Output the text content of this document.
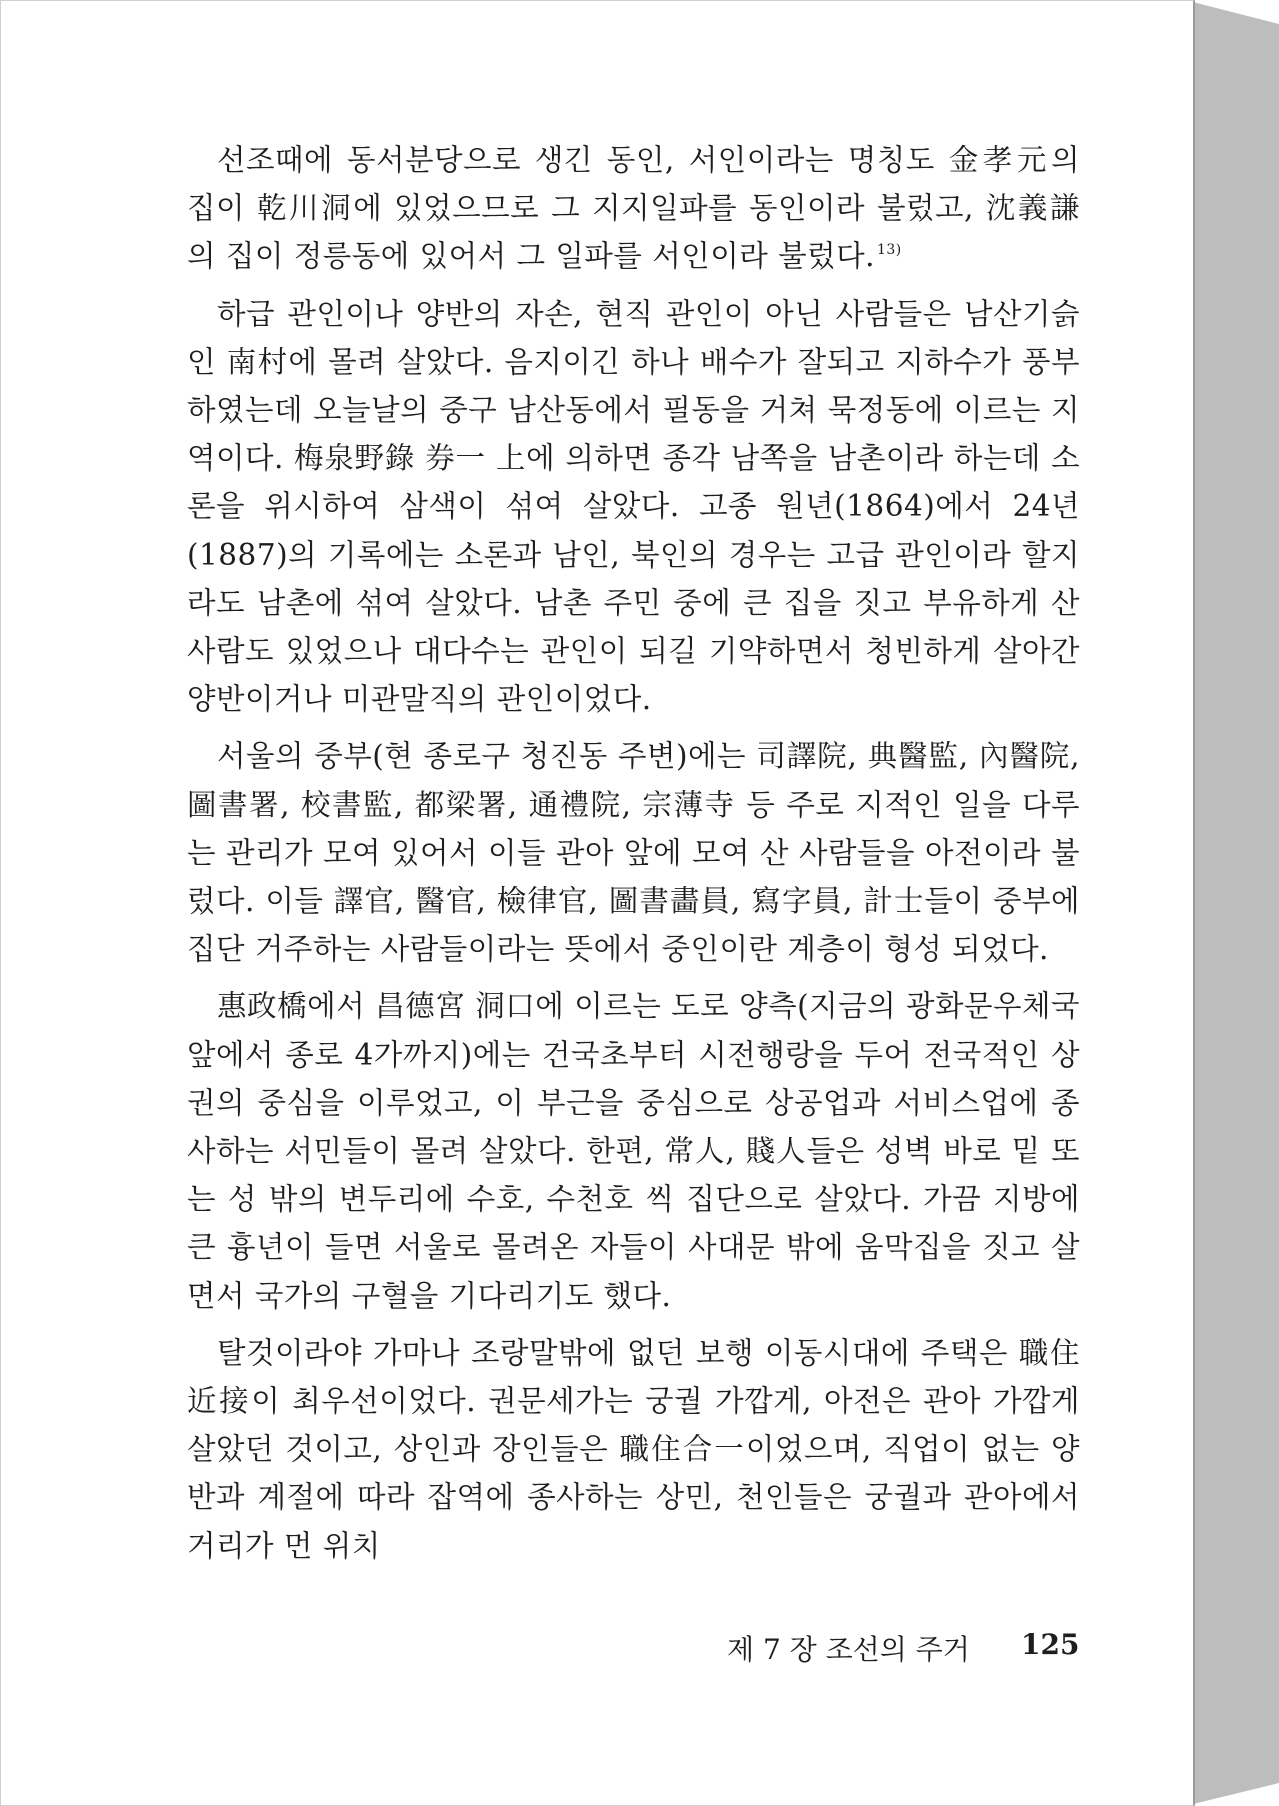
선조때에 동서분당으로 생긴 동인, 서인이라는 명칭도 金孝元의 집이 乾川洞에 있었으므로 그 지지일파를 동인이라 불렀고, 沈義謙의 집이 정릉동에 있어서 그 일파를 서인이라 불렀다. $^{13)}$

하급 관인이나 양반의 자손, 현직 관인이 아닌 사람들은 남산기슭인 南村에 몰려 살았다. 음지이긴 하나 배수가 잘되고 지하수가 풍부하였는데 오늘날의 중구 남산동에서 필동을 거쳐 묵정동에 이르는 지역이다. 梅泉野錄 券一 上에 의하면 종각 남쪽을 남촌이라 하는데 소론을 위시하여 삼색이 섞여 살았다. 고종 원년(1864)에서 24년(1887)의 기록에는 소론과 남인, 북인의 경우는 고급 관인이라 할지라도 남촌에 섞여 살았다. 남촌 주민 중에 큰 집을 짓고 부유하게 산 사람도 있었으나 대다수는 관인이 되길 기약하면서 청빈하게 살아간 양반이거나 미관말직의 관인이었다.

서울의 중부(현 종로구 청진동 주변)에는 司譯院, 典醫監, 內醫院, 圖書署, 校書監, 都梁署, 通禮院, 宗薄寺 등 주로 지적인 일을 다루는 관리가 모여 있어서 이들 관아 앞에 모여 산 사람들을 아전이라 불렀다. 이들 譯官, 醫官, 檢律官, 圖書畵員, 寫字員, 計士들이 중부에 집단 거주하는 사람들이라는 뜻에서 중인이란 계층이 형성 되었다.

惠政橋에서 昌德宮 洞口에 이르는 도로 양측(지금의 광화문우체국 앞에서 종로 4가까지)에는 건국초부터 시전행랑을 두어 전국적인 상권의 중심을 이루었고, 이 부근을 중심으로 상공업과 서비스업에 종사하는 서민들이 몰려 살았다. 한편, 常人, 賤人들은 성벽 바로 밑 또는 성 밖의 변두리에 수호, 수천호 씩 집단으로 살았다. 가끔 지방에 큰 흉년이 들면 서울로 몰려온 자들이 사대문 밖에 움막집을 짓고 살면서 국가의 구혈을 기다리기도 했다.

탈것이라야 가마나 조랑말밖에 없던 보행 이동시대에 주택은 職住近接이 최우선이었다. 권문세가는 궁궐 가깝게, 아전은 관아 가깝게 살았던 것이고, 상인과 장인들은 職住合一이었으며, 직업이 없는 양반과 계절에 따라 잡역에 종사하는 상민, 천인들은 궁궐과 관아에서 거리가 먼 위치

제 7 장 조선의 주거 125
